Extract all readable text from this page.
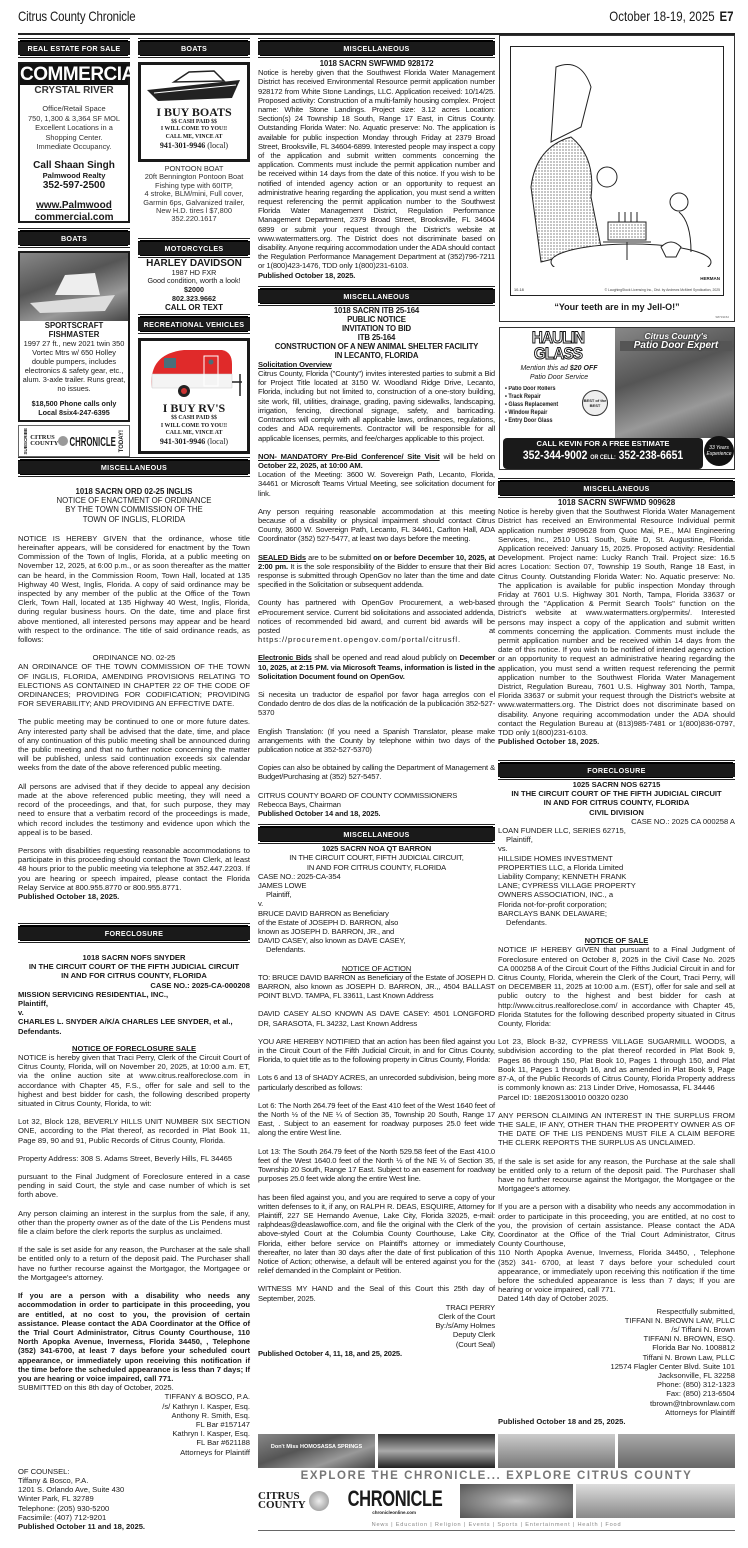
Citrus County Chronicle	October 18-19, 2025 E7
REAL ESTATE FOR SALE
COMMERCIAL
CRYSTAL RIVER
Office/Retail Space
750, 1,300 & 3,364 SF MOL
Excellent Locations in a
Shopping Center.
Immediate Occupancy.
Call Shaan Singh
Palmwood Realty
352-597-2500
www.Palmwood
commercial.com
BOATS
SPORTSCRAFT
FISHMASTER
1997 27 ft., new 2021 twin 350 Vortec Mtrs w/ 650 Holley double pumpers, includes electronics & safety gear, etc., alum. 3-axle trailer. Runs great, no issues.
$18,500 Phone calls only
Local 8six4-247-6395
SUBSCRIBE CITRUS
COUNTY CHRONICLE TODAY!
BOATS
I BUY BOATS
$$ CASH PAID $$
I WILL COME TO YOU!!
CALL ME, VINCE AT
941-301-9946 (local)
PONTOON BOAT
20ft Bennington Pontoon Boat
Fishing type with 60ITP,
4 stroke, BLM/mini, Full cover,
Garmin 6ps, Galvanized trailer,
New H.D. tires l $7,800
352.220.1617
MOTORCYCLES
HARLEY DAVIDSON
1987 HD FXR
Good condition, worth a look!
$2000
802.323.9662
CALL OR TEXT
RECREATIONAL VEHICLES
I BUY RV'S
$$ CASH PAID $$
I WILL COME TO YOU!!
CALL ME, VINCE AT
941-301-9946 (local)
MISCELLANEOUS
1018 SACRN ORD 02-25 INGLIS
NOTICE OF ENACTMENT OF ORDINANCE
BY THE TOWN COMMISSION OF THE
TOWN OF INGLIS, FLORIDA
NOTICE IS HEREBY GIVEN that the ordinance, whose title hereinafter appears, will be considered for enactment by the Town Commission of the Town of Inglis, Florida, at a public meeting on November 12, 2025, at 6:00 p.m., or as soon thereafter as the matter can be heard, in the Commission Room, Town Hall, located at 135 Highway 40 West, Inglis, Florida. A copy of said ordinance may be inspected by any member of the public at the Office of the Town Clerk, Town Hall, located at 135 Highway 40 West, Inglis, Florida, during regular business hours. On the date, time and place first above mentioned, all interested persons may appear and be heard with respect to the ordinance. The title of said ordinance reads, as follows:
ORDINANCE NO. 02-25
AN ORDINANCE OF THE TOWN COMMISSION OF THE TOWN OF INGLIS, FLORIDA, AMENDING PROVISIONS RELATING TO ELECTIONS AS CONTAINED IN CHAPTER 22 OF THE CODE OF ORDINANCES; PROVIDING FOR CODIFICATION; PROVIDING FOR SEVERABILITY; AND PROVIDING AN EFFECTIVE DATE.
The public meeting may be continued to one or more future dates. Any interested party shall be advised that the date, time, and place of any continuation of this public meeting shall be announced during the public meeting and that no further notice concerning the matter will be published, unless said continuation exceeds six calendar weeks from the date of the above referenced public meeting.
All persons are advised that if they decide to appeal any decision made at the above referenced public meeting, they will need a record of the proceedings, and that, for such purpose, they may need to ensure that a verbatim record of the proceedings is made, which record includes the testimony and evidence upon which the appeal is to be based.
Persons with disabilities requesting reasonable accommodations to participate in this proceeding should contact the Town Clerk, at least 48 hours prior to the public meeting via telephone at 352.447.2203. If you are hearing or speech impaired, please contact the Florida Relay Service at 800.955.8770 or 800.955.8771.
Published October 18, 2025.
FORECLOSURE
1018 SACRN NOFS SNYDER
IN THE CIRCUIT COURT OF THE FIFTH JUDICIAL CIRCUIT
IN AND FOR CITRUS COUNTY, FLORIDA
CASE NO.: 2025-CA-000208
MISSION SERVICING RESIDENTIAL, INC.,
Plaintiff,
v.
CHARLES L. SNYDER A/K/A CHARLES LEE SNYDER, et al.,
Defendants.
NOTICE OF FORECLOSURE SALE
NOTICE is hereby given that Traci Perry, Clerk of the Circuit Court of Citrus County, Florida, will on November 20, 2025, at 10:00 a.m. ET, via the online auction site at www.citrus.realforeclose.com in accordance with Chapter 45, F.S., offer for sale and sell to the highest and best bidder for cash, the following described property situated in Citrus County, Florida, to wit:
Lot 32, Block 128, BEVERLY HILLS UNIT NUMBER SIX SECTION ONE, according to the Plat thereof, as recorded in Plat Book 11, Page 89, 90 and 91, Public Records of Citrus County, Florida.
Property Address: 308 S. Adams Street, Beverly Hills, FL 34465
pursuant to the Final Judgment of Foreclosure entered in a case pending in said Court, the style and case number of which is set forth above.
Any person claiming an interest in the surplus from the sale, if any, other than the property owner as of the date of the Lis Pendens must file a claim before the clerk reports the surplus as unclaimed.
If the sale is set aside for any reason, the Purchaser at the sale shall be entitled only to a return of the deposit paid. The Purchaser shall have no further recourse against the Mortgagor, the Mortgagee or the Mortgagee's attorney.
If you are a person with a disability who needs any accommodation in order to participate in this proceeding, you are entitled, at no cost to you, the provision of certain assistance. Please contact the ADA Coordinator at the Office of the Trial Court Administrator, Citrus County Courthouse, 110 North Apopka Avenue, Inverness, Florida 34450, , Telephone (352) 341-6700, at least 7 days before your scheduled court appearance, or immediately upon receiving this notification if the time before the scheduled appearance is less than 7 days; If you are hearing or voice impaired, call 771.
SUBMITTED on this 8th day of October, 2025.
TIFFANY & BOSCO, P.A.
/s/ Kathryn I. Kasper, Esq.
Anthony R. Smith, Esq.
FL Bar #157147
Kathryn I. Kasper, Esq.
FL Bar #621188
Attorneys for Plaintiff
OF COUNSEL:
Tiffany & Bosco, P.A.
1201 S. Orlando Ave, Suite 430
Winter Park, FL 32789
Telephone: (205) 930-5200
Facsimile: (407) 712-9201
Published October 11 and 18, 2025.
MISCELLANEOUS
1018 SACRN SWFWMD 928172
Notice is hereby given that the Southwest Florida Water Management District has received Environmental Resource permit application number 928172 from White Stone Landings, LLC. Application received: 10/14/25. Proposed activity: Construction of a multi-family housing complex. Project name: White Stone Landings. Project size: 3.12 acres Location: Section(s) 24 Township 18 South, Range 17 East, in Citrus County. Outstanding Florida Water: No. Aquatic preserve: No. The application is available for public inspection Monday through Friday at 2379 Broad Street, Brooksville, FL 34604-6899. Interested people may inspect a copy of the application and submit written comments concerning the application. Comments must include the permit application number and be received within 14 days from the date of this notice. If you wish to be notified of intended agency action or an opportunity to request an administrative hearing regarding the application, you must send a written request referencing the permit application number to the Southwest Florida Water Management District, Regulation Performance Management Department, 2379 Broad Street, Brooksville, FL 34604 6899 or submit your request through the District's website at www.watermatters.org. The District does not discriminate based on disability. Anyone requiring accommodation under the ADA should contact the Regulation Performance Management Department at (352)796-7211 or 1(800)423-1476, TDD only 1(800)231-6103.
Published October 18, 2025.
MISCELLANEOUS
1018 SACRN ITB 25-164
PUBLIC NOTICE
INVITATION TO BID
ITB 25-164
CONSTRUCTION OF A NEW ANIMAL SHELTER FACILITY
IN LECANTO, FLORIDA
Solicitation Overview
Citrus County, Florida ("County") invites interested parties to submit a Bid for Project Title located at 3150 W. Woodland Ridge Drive, Lecanto, Florida, including but not limited to, construction of a one-story building, site work, fill, utilities, drainage, grading, paving sidewalks, landscaping, irrigation, fencing, directional signage, safety, and barricading. Contractors will comply with all applicable laws, ordinances, regulations, codes and ADA requirements. Contractor will be responsible for all applicable licenses, permits, and fee/charges applicable to this project.
NON- MANDATORY Pre-Bid Conference/ Site Visit will be held on October 22, 2025, at 10:00 AM.
Location of the Meeting: 3600 W. Sovereign Path, Lecanto, Florida, 34461 or Microsoft Teams Virtual Meeting, see solicitation document for link.
Any person requiring reasonable accommodation at this meeting because of a disability or physical impairment should contact Citrus County, 3600 W. Sovereign Path, Lecanto, FL 34461, Carlton Hall, ADA Coordinator (352) 527-5477, at least two days before the meeting.
SEALED Bids are to be submitted on or before December 10, 2025, at 2:00 pm. It is the sole responsibility of the Bidder to ensure that their Bid response is submitted through OpenGov no later than the time and date specified in the Solicitation or subsequent addenda.
County has partnered with OpenGov Procurement, a web-based eProcurement service. Current bid solicitations and associated addenda, notices of recommended bid award, and current bid awards will be posted at
https://procurement.opengov.com/portal/citrusfl.
Electronic Bids shall be opened and read aloud publicly on December 10, 2025, at 2:15 PM. via Microsoft Teams, information is listed in the Solicitation Document found on OpenGov.
Si necesita un traductor de español por favor haga arreglos con el Condado dentro de dos días de la notificación de la publicación 352-527-5370
English Translation: (If you need a Spanish Translator, please make arrangements with the County by telephone within two days of the publication notice at 352-527-5370)
Copies can also be obtained by calling the Department of Management & Budget/Purchasing at (352) 527-5457.
CITRUS COUNTY BOARD OF COUNTY COMMISSIONERS
Rebecca Bays, Chairman
Published October 14 and 18, 2025.
MISCELLANEOUS
1025 SACRN NOA QT BARRON
IN THE CIRCUIT COURT, FIFTH JUDICIAL CIRCUIT,
IN AND FOR CITRUS COUNTY, FLORIDA
CASE NO.: 2025-CA-354
JAMES LOWE
Plaintiff,
v.
BRUCE DAVID BARRON as Beneficiary
of the Estate of JOSEPH D. BARRON, also
known as JOSEPH D. BARRON, JR., and
DAVID CASEY, also known as DAVE CASEY,
Defendants.
NOTICE OF ACTION
TO: BRUCE DAVID BARRON as Beneficiary of the Estate of JOSEPH D. BARRON, also known as JOSEPH D. BARRON, JR.,, 4504 BALLAST POINT BLVD. TAMPA, FL 33611, Last Known Address
DAVID CASEY ALSO KNOWN AS DAVE CASEY: 4501 LONGFORD DR, SARASOTA, FL 34232, Last Known Address
YOU ARE HEREBY NOTIFIED that an action has been filed against you in the Circuit Court of the Fifth Judicial Circuit, in and for Citrus County, Florida, to quiet title as to the following property in Citrus County, Florida:
Lots 6 and 13 of SHADY ACRES, an unrecorded subdivision, being more particularly described as follows:
Lot 6: The North 264.79 feet of the East 410 feet of the West 1640 feet of the North ½ of the NE ¼ of Section 35, Township 20 South, Range 17 East, . Subject to an easement for roadway purposes 25.0 feet wide along the entire West line.
Lot 13: The South 264.79 feet of the North 529.58 feet of the East 410.0 feet of the West 1640.0 feet of the North ½ of the NE ¼ of Section 35, Township 20 South, Range 17 East. Subject to an easement for roadway purposes 25.0 feet wide along the entire West line.
has been filed against you, and you are required to serve a copy of your written defenses to it, if any, on RALPH R. DEAS, ESQUIRE, Attorney for Plaintiff, 227 SE Hernando Avenue, Lake City, Florida 32025, e-mail: ralphdeas@deaslawoffice.com, and file the original with the Clerk of the above-styled Court at the Columbia County Courthouse, Lake City, Florida, either before service on Plaintiff's attorney or immediately thereafter, no later than 30 days after the date of first publication of this Notice of Action; otherwise, a default will be entered against you for the relief demanded in the Complaint or Petition.
WITNESS MY HAND and the Seal of this Court this 25th day of September, 2025.
TRACI PERRY
Clerk of the Court
By:/s/Amy Holmes
Deputy Clerk
(Court Seal)
Published October 4, 11, 18, and 25, 2025.
HERMAN
10-18	© LaughingStock Licensing Inc., Dist. by Andrews McMeel Syndication, 2025
“Your teeth are in my Jell-O!”
S8719152
HAULIN
GLASS
Citrus County's
Patio Door Expert
Mention this ad $20 OFF
Patio Door Service
• Patio Door Rollers
• Track Repair
• Glass Replacement
• Window Repair
• Entry Door Glass
BEST of the BEST
CALL KEVIN FOR A FREE ESTIMATE
352-344-9002 OR CELL: 352-238-6651
33 Years Experience
MISCELLANEOUS
1018 SACRN SWFWMD 909628
Notice is hereby given that the Southwest Florida Water Management District has received an Environmental Resource Individual permit application number #909628 from Quoc Mai, P.E., MAI Engineering Services, Inc., 2510 US1 South, Suite D, St. Augustine, Florida. Application received: January 15, 2025. Proposed activity: Residential Development. Project name: Lucky Ranch Trail. Project size: 16.5 acres Location: Section 07, Township 19 South, Range 18 East, in Citrus County. Outstanding Florida Water: No. Aquatic preserve: No. The application is available for public inspection Monday through Friday at 7601 U.S. Highway 301 North, Tampa, Florida 33637 or through the "Application & Permit Search Tools" function on the District's website at www.watermatters.org/permits/. Interested persons may inspect a copy of the application and submit written comments concerning the application. Comments must include the permit application number and be received within 14 days from the date of this notice. If you wish to be notified of intended agency action or an opportunity to request an administrative hearing regarding the application, you must send a written request referencing the permit application number to the Southwest Florida Water Management District, Regulation Bureau, 7601 U.S. Highway 301 North, Tampa, Florida 33637 or submit your request through the District's website at www.watermatters.org. The District does not discriminate based on disability. Anyone requiring accommodation under the ADA should contact the Regulation Bureau at (813)985-7481 or 1(800)836-0797, TDD only 1(800)231-6103.
Published October 18, 2025.
FORECLOSURE
1025 SACRN NOS 62715
IN THE CIRCUIT COURT OF THE FIFTH JUDICIAL CIRCUIT
IN AND FOR CITRUS COUNTY, FLORIDA
CIVIL DIVISION
CASE NO.: 2025 CA 000258 A
LOAN FUNDER LLC, SERIES 62715,
Plaintiff,
vs.
HILLSIDE HOMES INVESTMENT
PROPERTIES LLC, a Florida Limited
Liability Company; KENNETH FRANK
LANE; CYPRESS VILLAGE PROPERTY
OWNERS ASSOCIATION, INC., a
Florida not-for-profit corporation;
BARCLAYS BANK DELAWARE;
Defendants.
NOTICE OF SALE
NOTICE IF HEREBY GIVEN that pursuant to a Final Judgment of Foreclosure entered on October 8, 2025 in the Civil Case No. 2025 CA 000258 A of the Circuit Court of the Fifths Judicial Circuit in and for Citrus County, Florida, wherein the Clerk of the Court, Traci Perry, will on DECEMBER 11, 2025 at 10:00 a.m. (EST), offer for sale and sell at public outcry to the highest and best bidder for cash at http://www.citrus.realforeclose.com/ in accordance with Chapter 45, Florida Statutes for the following described property situated in Citrus County, Florida:
Lot 23, Block B-32, CYPRESS VILLAGE SUGARMILL WOODS, a subdivision according to the plat thereof recorded in Plat Book 9, Pages 86 through 150, Plat Book 10, Pages 1 through 150, and Plat Book 11, Pages 1 through 16, and as amended in Plat Book 9, Page 87-A, of the Public Records of Citrus County, Florida Property address is commonly known as: 213 Linder Drive, Homosassa, FL 34446
Parcel ID: 18E20S130010 00320 0230
ANY PERSON CLAIMING AN INTEREST IN THE SURPLUS FROM THE SALE, IF ANY, OTHER THAN THE PROPERTY OWNER AS OF THE DATE OF THE LIS PENDENS MUST FILE A CLAIM BEFORE THE CLERK REPORTS THE SURPLUS AS UNCLAIMED.
If the sale is set aside for any reason, the Purchase at the sale shall be entitled only to a return of the deposit paid. The Purchaser shall have no further recourse against the Mortgagor, the Mortgagee or the Mortgagee's attorney.
If you are a person with a disability who needs any accommodation in order to participate in this proceeding, you are entitled, at no cost to you, the provision of certain assistance. Please contact the ADA Coordinator at the Office of the Trial Court Administrator, Citrus County Courthouse,
110 North Apopka Avenue, Inverness, Florida 34450, , Telephone (352) 341- 6700, at least 7 days before your scheduled court appearance, or immediately upon receiving this notification if the time before the scheduled appearance is less than 7 days; If you are hearing or voice impaired, call 771.
Dated 14th day of October 2025.
Respectfully submitted,
TIFFANI N. BROWN LAW, PLLC
/s/ Tiffani N. Brown
TIFFANI N. BROWN, ESQ.
Florida Bar No. 1008812
Tiffani N. Brown Law, PLLC
12574 Flagler Center Blvd. Suite 101
Jacksonville, FL 32258
Phone: (850) 312-1323
Fax: (850) 213-6504
tbrown@tnbrownlaw.com
Attorneys for Plaintiff
Published October 18 and 25, 2025.
Don't Miss HOMOSASSA SPRINGS
EXPLORE THE CHRONICLE... EXPLORE CITRUS COUNTY
CITRUS
COUNTY CHRONICLE
chronicleonline.com
News | Education | Religion | Events | Sports | Entertainment | Health | Food
